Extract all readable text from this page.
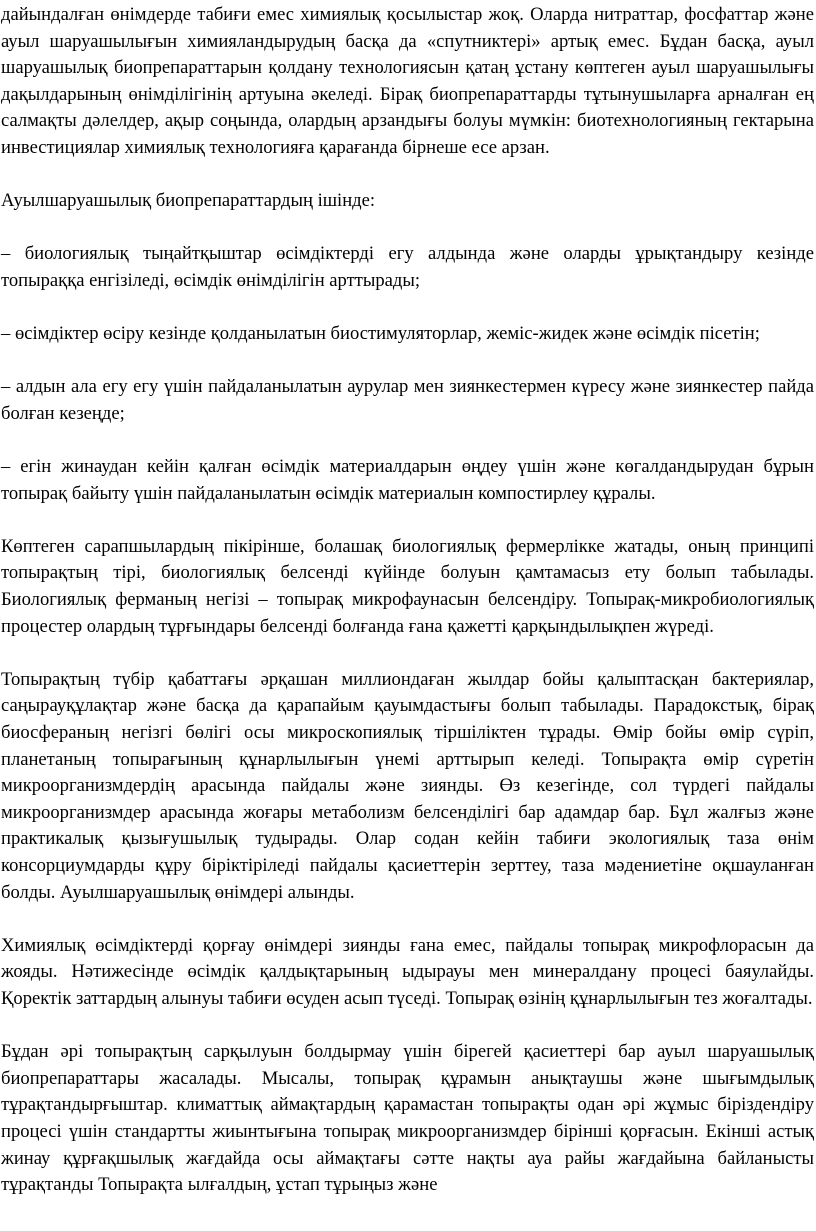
дайындалған өнімдерде табиғи емес химиялық қосылыстар жоқ. Оларда нитраттар, фосфаттар және ауыл шаруашылығын химияландырудың басқа да «спутниктері» артық емес. Бұдан басқа, ауыл шаруашылық биопрепараттарын қолдану технологиясын қатаң ұстану көптеген ауыл шаруашылығы дақылдарының өнімділігінің артуына әкеледі. Бірақ биопрепараттарды тұтынушыларға арналған ең салмақты дәлелдер, ақыр соңында, олардың арзандығы болуы мүмкін: биотехнологияның гектарына инвестициялар химиялық технологияға қарағанда бірнеше есе арзан.

Ауылшаруашылық биопрепараттардың ішінде:

– биологиялық тыңайтқыштар өсімдіктерді егу алдында және оларды ұрықтандыру кезінде топыраққа енгізіледі, өсімдік өнімділігін арттырады;

– өсімдіктер өсіру кезінде қолданылатын биостимуляторлар, жеміс-жидек және өсімдік пісетін;

– алдын ала егу егу үшін пайдаланылатын аурулар мен зиянкестермен күресу және зиянкестер пайда болған кезеңде;

– егін жинаудан кейін қалған өсімдік материалдарын өңдеу үшін және көгалдандырудан бұрын топырақ байыту үшін пайдаланылатын өсімдік материалын компостирлеу құралы.

Көптеген сарапшылардың пікірінше, болашақ биологиялық фермерлікке жатады, оның принципі топырақтың тірі, биологиялық белсенді күйінде болуын қамтамасыз ету болып табылады. Биологиялық ферманың негізі – топырақ микрофаунасын белсендіру. Топырақ-микробиологиялық процестер олардың тұрғындары белсенді болғанда ғана қажетті қарқындылықпен жүреді.

Топырақтың түбір қабаттағы әрқашан миллиондаған жылдар бойы қалыптасқан бактериялар, саңырауқұлақтар және басқа да қарапайым қауымдастығы болып табылады. Парадокстық, бірақ биосфераның негізгі бөлігі осы микроскопиялық тіршіліктен тұрады. Өмір бойы өмір сүріп, планетаның топырағының құнарлылығын үнемі арттырып келеді. Топырақта өмір сүретін микроорганизмдердің арасында пайдалы және зиянды. Өз кезегінде, сол түрдегі пайдалы микроорганизмдер арасында жоғары метаболизм белсенділігі бар адамдар бар. Бұл жалғыз және практикалық қызығушылық тудырады. Олар содан кейін табиғи экологиялық таза өнім консорциумдарды құру біріктіріледі пайдалы қасиеттерін зерттеу, таза мәдениетіне оқшауланған болды. Ауылшаруашылық өнімдері алынды.

Химиялық өсімдіктерді қорғау өнімдері зиянды ғана емес, пайдалы топырақ микрофлорасын да жояды. Нәтижесінде өсімдік қалдықтарының ыдырауы мен минералдану процесі баяулайды. Қоректік заттардың алынуы табиғи өсуден асып түседі. Топырақ өзінің құнарлылығын тез жоғалтады.

Бұдан әрі топырақтың сарқылуын болдырмау үшін бірегей қасиеттері бар ауыл шаруашылық биопрепараттары жасалады. Мысалы, топырақ құрамын анықтаушы және шығымдылық тұрақтандырғыштар. климаттық аймақтардың қарамастан топырақты одан әрі жұмыс біріздендіру процесі үшін стандартты жиынтығына топырақ микроорганизмдер бірінші қорғасын. Екінші астық жинау құрғақшылық жағдайда осы аймақтағы сәтте нақты ауа райы жағдайына байланысты тұрақтанды Топырақта ылғалдың, ұстап тұрыңыз және
